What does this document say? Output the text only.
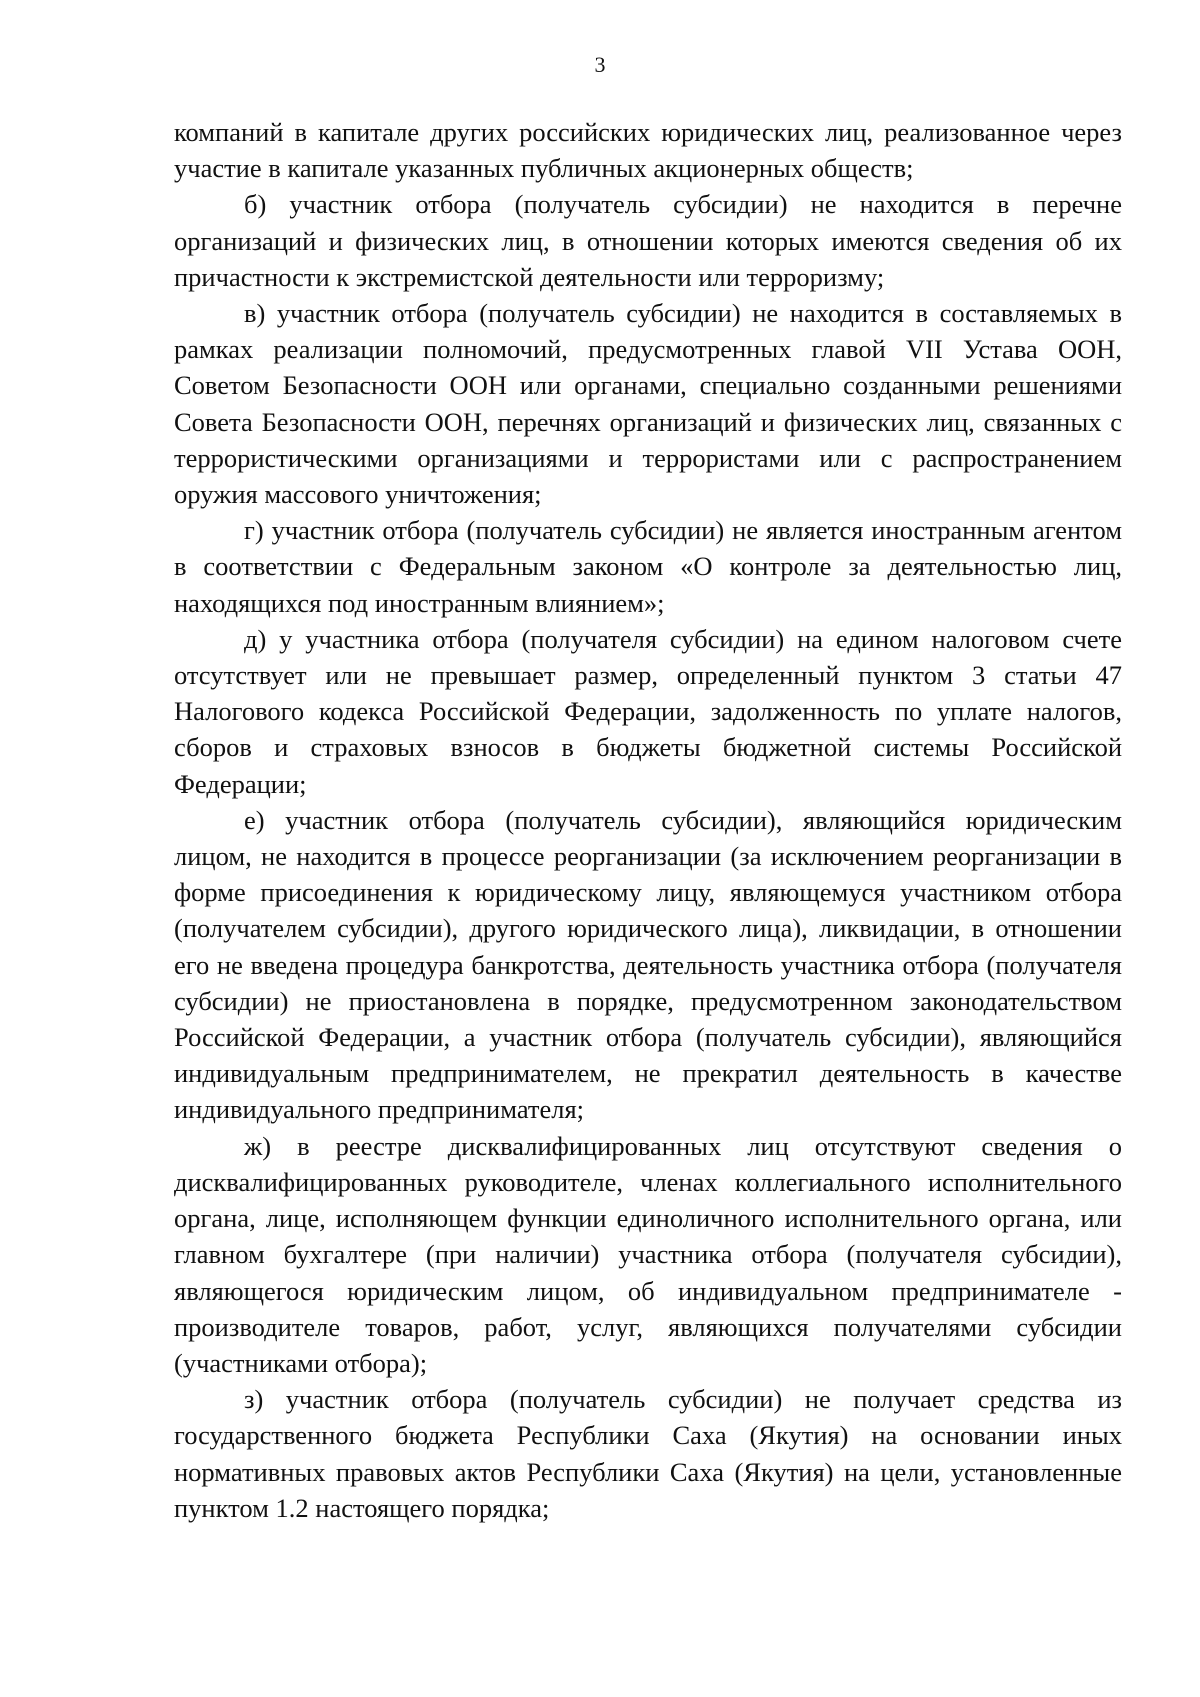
3

компаний в капитале других российских юридических лиц, реализованное через участие в капитале указанных публичных акционерных обществ;

б) участник отбора (получатель субсидии) не находится в перечне организаций и физических лиц, в отношении которых имеются сведения об их причастности к экстремистской деятельности или терроризму;

в) участник отбора (получатель субсидии) не находится в составляемых в рамках реализации полномочий, предусмотренных главой VII Устава ООН, Советом Безопасности ООН или органами, специально созданными решениями Совета Безопасности ООН, перечнях организаций и физических лиц, связанных с террористическими организациями и террористами или с распространением оружия массового уничтожения;

г) участник отбора (получатель субсидии) не является иностранным агентом в соответствии с Федеральным законом «О контроле за деятельностью лиц, находящихся под иностранным влиянием»;

д) у участника отбора (получателя субсидии) на едином налоговом счете отсутствует или не превышает размер, определенный пунктом 3 статьи 47 Налогового кодекса Российской Федерации, задолженность по уплате налогов, сборов и страховых взносов в бюджеты бюджетной системы Российской Федерации;

е) участник отбора (получатель субсидии), являющийся юридическим лицом, не находится в процессе реорганизации (за исключением реорганизации в форме присоединения к юридическому лицу, являющемуся участником отбора (получателем субсидии), другого юридического лица), ликвидации, в отношении его не введена процедура банкротства, деятельность участника отбора (получателя субсидии) не приостановлена в порядке, предусмотренном законодательством Российской Федерации, а участник отбора (получатель субсидии), являющийся индивидуальным предпринимателем, не прекратил деятельность в качестве индивидуального предпринимателя;

ж) в реестре дисквалифицированных лиц отсутствуют сведения о дисквалифицированных руководителе, членах коллегиального исполнительного органа, лице, исполняющем функции единоличного исполнительного органа, или главном бухгалтере (при наличии) участника отбора (получателя субсидии), являющегося юридическим лицом, об индивидуальном предпринимателе - производителе товаров, работ, услуг, являющихся получателями субсидии (участниками отбора);

з) участник отбора (получатель субсидии) не получает средства из государственного бюджета Республики Саха (Якутия) на основании иных нормативных правовых актов Республики Саха (Якутия) на цели, установленные пунктом 1.2 настоящего порядка;
